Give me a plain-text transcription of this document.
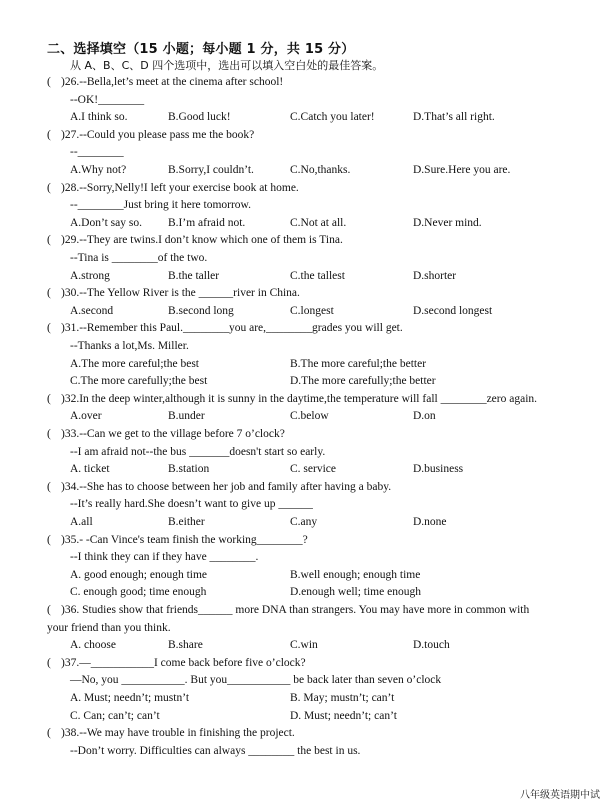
二、选择填空（15 小题；每小题 1 分，共 15 分）
从 A、B、C、D 四个选项中，选出可以填入空白处的最佳答案。
( )26.--Bella,let’s meet at the cinema after school!
--OK!________
A.I think so.	B.Good luck!	C.Catch you later!	D.That’s all right.
( )27.--Could you please pass me the book?
--________
A.Why not?	B.Sorry,I couldn’t.	C.No,thanks.	D.Sure.Here you are.
( )28.--Sorry,Nelly!I left your exercise book at home.
--________Just bring it here tomorrow.
A.Don’t say so. B.I’m afraid not.	C.Not at all.	D.Never mind.
( )29.--They are twins.I don’t know which one of them is Tina.
--Tina is ________of the two.
A.strong	B.the taller	C.the tallest	D.shorter
( )30.--The Yellow River is the ______river in China.
A.second	B.second long	C.longest	D.second longest
( )31.--Remember this Paul.________you are,________grades you will get.
--Thanks a lot,Ms. Miller.
A.The more careful;the best	B.The more careful;the better
C.The more carefully;the best	D.The more carefully;the better
( )32.In the deep winter,although it is sunny in the daytime,the temperature will fall ________zero again.
A.over	B.under	C.below	D.on
( )33.--Can we get to the village before 7 o’clock?
--I am afraid not--the bus _______doesn't start so early.
A. ticket	B.station	C. service	D.business
( )34.--She has to choose between her job and family after having a baby.
--It’s really hard.She doesn’t want to give up ______
A.all	B.either	C.any	D.none
( )35.- -Can Vince's team finish the working________?
--I think they can if they have ________.
A. good enough; enough time	B.well enough; enough time
C. enough good; time enough	D.enough well; time enough
( )36. Studies show that friends______ more DNA than strangers. You may have more in common with
your friend than you think.
A. choose	B.share	C.win	D.touch
( )37.—___________I come back before five o’clock?
—No, you ___________. But you___________ be back later than seven o’clock
A. Must; needn’t; mustn’t	B. May; mustn’t; can’t
C. Can; can’t; can’t	D. Must; needn’t; can’t
( )38.--We may have trouble in finishing the project.
--Don’t worry. Difficulties can always ________ the best in us.
八年级英语期中试
